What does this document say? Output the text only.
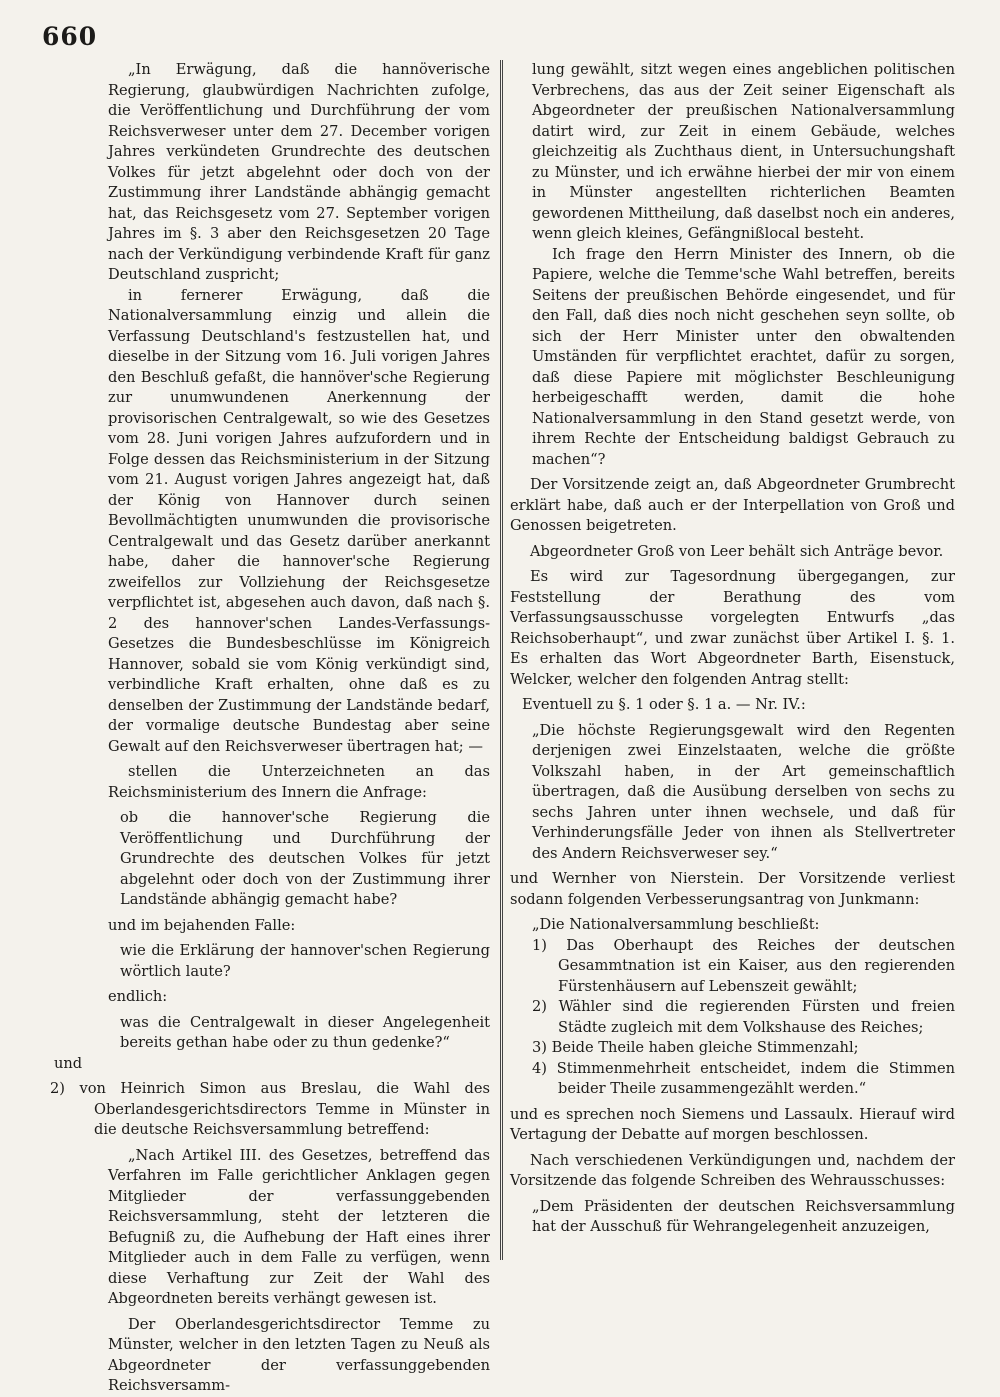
660

„In Erwägung, daß die hannöverische Regierung, glaubwürdigen Nachrichten zufolge, die Veröffentlichung und Durchführung der vom Reichsverweser unter dem 27. December vorigen Jahres verkündeten Grundrechte des deutschen Volkes für jetzt abgelehnt oder doch von der Zustimmung ihrer Landstände abhängig gemacht hat, das Reichsgesetz vom 27. September vorigen Jahres im §. 3 aber den Reichsgesetzen 20 Tage nach der Verkündigung verbindende Kraft für ganz Deutschland zuspricht;

in fernerer Erwägung, daß die Nationalversammlung einzig und allein die Verfassung Deutschland's festzustellen hat, und dieselbe in der Sitzung vom 16. Juli vorigen Jahres den Beschluß gefaßt, die hannöver'sche Regierung zur unumwundenen Anerkennung der provisorischen Centralgewalt, so wie des Gesetzes vom 28. Juni vorigen Jahres aufzufordern und in Folge dessen das Reichsministerium in der Sitzung vom 21. August vorigen Jahres angezeigt hat, daß der König von Hannover durch seinen Bevollmächtigten unumwunden die provisorische Centralgewalt und das Gesetz darüber anerkannt habe, daher die hannover'sche Regierung zweifellos zur Vollziehung der Reichsgesetze verpflichtet ist, abgesehen auch davon, daß nach §. 2 des hannover'schen Landes-Verfassungs-Gesetzes die Bundesbeschlüsse im Königreich Hannover, sobald sie vom König verkündigt sind, verbindliche Kraft erhalten, ohne daß es zu denselben der Zustimmung der Landstände bedarf, der vormalige deutsche Bundestag aber seine Gewalt auf den Reichsverweser übertragen hat; —

stellen die Unterzeichneten an das Reichsministerium des Innern die Anfrage:

ob die hannover'sche Regierung die Veröffentlichung und Durchführung der Grundrechte des deutschen Volkes für jetzt abgelehnt oder doch von der Zustimmung ihrer Landstände abhängig gemacht habe?

und im bejahenden Falle:

wie die Erklärung der hannover'schen Regierung wörtlich laute?

endlich:

was die Centralgewalt in dieser Angelegenheit bereits gethan habe oder zu thun gedenke?“

und

2) von Heinrich Simon aus Breslau, die Wahl des Oberlandesgerichtsdirectors Temme in Münster in die deutsche Reichsversammlung betreffend:

„Nach Artikel III. des Gesetzes, betreffend das Verfahren im Falle gerichtlicher Anklagen gegen Mitglieder der verfassunggebenden Reichsversammlung, steht der letzteren die Befugniß zu, die Aufhebung der Haft eines ihrer Mitglieder auch in dem Falle zu verfügen, wenn diese Verhaftung zur Zeit der Wahl des Abgeordneten bereits verhängt gewesen ist.

Der Oberlandesgerichtsdirector Temme zu Münster, welcher in den letzten Tagen zu Neuß als Abgeordneter der verfassunggebenden Reichsversamm-

lung gewählt, sitzt wegen eines angeblichen politischen Verbrechens, das aus der Zeit seiner Eigenschaft als Abgeordneter der preußischen Nationalversammlung datirt wird, zur Zeit in einem Gebäude, welches gleichzeitig als Zuchthaus dient, in Untersuchungshaft zu Münster, und ich erwähne hierbei der mir von einem in Münster angestellten richterlichen Beamten gewordenen Mittheilung, daß daselbst noch ein anderes, wenn gleich kleines, Gefängnißlocal besteht.

Ich frage den Herrn Minister des Innern, ob die Papiere, welche die Temme'sche Wahl betreffen, bereits Seitens der preußischen Behörde eingesendet, und für den Fall, daß dies noch nicht geschehen seyn sollte, ob sich der Herr Minister unter den obwaltenden Umständen für verpflichtet erachtet, dafür zu sorgen, daß diese Papiere mit möglichster Beschleunigung herbeigeschafft werden, damit die hohe Nationalversammlung in den Stand gesetzt werde, von ihrem Rechte der Entscheidung baldigst Gebrauch zu machen“?

Der Vorsitzende zeigt an, daß Abgeordneter Grumbrecht erklärt habe, daß auch er der Interpellation von Groß und Genossen beigetreten.

Abgeordneter Groß von Leer behält sich Anträge bevor.

Es wird zur Tagesordnung übergegangen, zur Feststellung der Berathung des vom Verfassungsausschusse vorgelegten Entwurfs „das Reichsoberhaupt“, und zwar zunächst über Artikel I. §. 1. Es erhalten das Wort Abgeordneter Barth, Eisenstuck, Welcker, welcher den folgenden Antrag stellt:

Eventuell zu §. 1 oder §. 1 a. — Nr. IV.:

„Die höchste Regierungsgewalt wird den Regenten derjenigen zwei Einzelstaaten, welche die größte Volkszahl haben, in der Art gemeinschaftlich übertragen, daß die Ausübung derselben von sechs zu sechs Jahren unter ihnen wechsele, und daß für Verhinderungsfälle Jeder von ihnen als Stellvertreter des Andern Reichsverweser sey.“

und Wernher von Nierstein. Der Vorsitzende verliest sodann folgenden Verbesserungsantrag von Junkmann:

„Die Nationalversammlung beschließt:

1) Das Oberhaupt des Reiches der deutschen Gesammtnation ist ein Kaiser, aus den regierenden Fürstenhäusern auf Lebenszeit gewählt;

2) Wähler sind die regierenden Fürsten und freien Städte zugleich mit dem Volkshause des Reiches;

3) Beide Theile haben gleiche Stimmenzahl;

4) Stimmenmehrheit entscheidet, indem die Stimmen beider Theile zusammengezählt werden.“

und es sprechen noch Siemens und Lassaulx. Hierauf wird Vertagung der Debatte auf morgen beschlossen.

Nach verschiedenen Verkündigungen und, nachdem der Vorsitzende das folgende Schreiben des Wehrausschusses:

„Dem Präsidenten der deutschen Reichsversammlung hat der Ausschuß für Wehrangelegenheit anzuzeigen,
